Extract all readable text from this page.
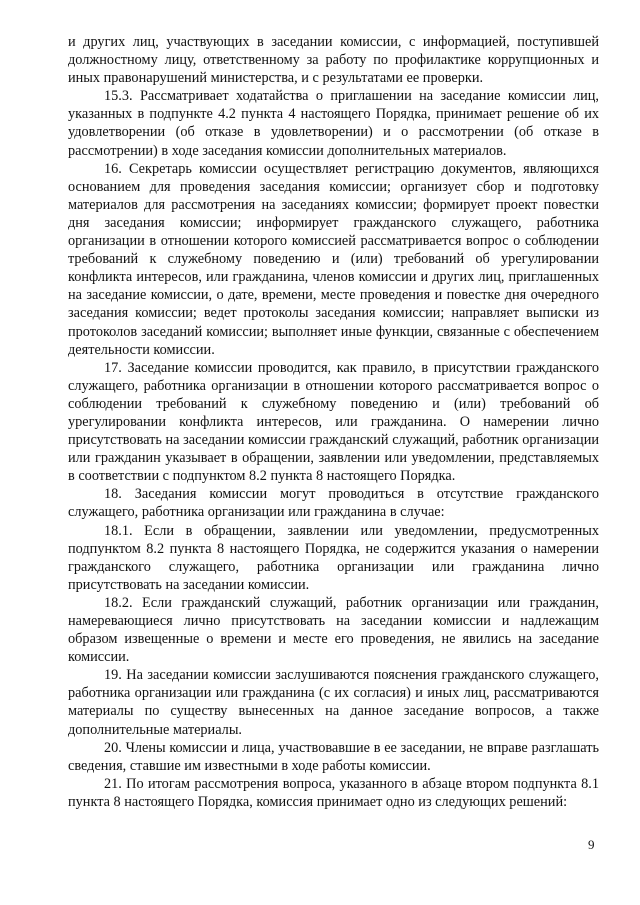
и других лиц, участвующих в заседании комиссии, с информацией, поступившей должностному лицу, ответственному за работу по профилактике коррупционных и иных правонарушений министерства, и с результатами ее проверки.

15.3. Рассматривает ходатайства о приглашении на заседание комиссии лиц, указанных в подпункте 4.2 пункта 4 настоящего Порядка, принимает решение об их удовлетворении (об отказе в удовлетворении) и о рассмотрении (об отказе в рассмотрении) в ходе заседания комиссии дополнительных материалов.

16. Секретарь комиссии осуществляет регистрацию документов, являющихся основанием для проведения заседания комиссии; организует сбор и подготовку материалов для рассмотрения на заседаниях комиссии; формирует проект повестки дня заседания комиссии; информирует гражданского служащего, работника организации в отношении которого комиссией рассматривается вопрос о соблюдении требований к служебному поведению и (или) требований об урегулировании конфликта интересов, или гражданина, членов комиссии и других лиц, приглашенных на заседание комиссии, о дате, времени, месте проведения и повестке дня очередного заседания комиссии; ведет протоколы заседания комиссии; направляет выписки из протоколов заседаний комиссии; выполняет иные функции, связанные с обеспечением деятельности комиссии.

17. Заседание комиссии проводится, как правило, в присутствии гражданского служащего, работника организации в отношении которого рассматривается вопрос о соблюдении требований к служебному поведению и (или) требований об урегулировании конфликта интересов, или гражданина. О намерении лично присутствовать на заседании комиссии гражданский служащий, работник организации или гражданин указывает в обращении, заявлении или уведомлении, представляемых в соответствии с подпунктом 8.2 пункта 8 настоящего Порядка.

18. Заседания комиссии могут проводиться в отсутствие гражданского служащего, работника организации или гражданина в случае:

18.1. Если в обращении, заявлении или уведомлении, предусмотренных подпунктом 8.2 пункта 8 настоящего Порядка, не содержится указания о намерении гражданского служащего, работника организации или гражданина лично присутствовать на заседании комиссии.

18.2. Если гражданский служащий, работник организации или гражданин, намеревающиеся лично присутствовать на заседании комиссии и надлежащим образом извещенные о времени и месте его проведения, не явились на заседание комиссии.

19. На заседании комиссии заслушиваются пояснения гражданского служащего, работника организации или гражданина (с их согласия) и иных лиц, рассматриваются материалы по существу вынесенных на данное заседание вопросов, а также дополнительные материалы.

20. Члены комиссии и лица, участвовавшие в ее заседании, не вправе разглашать сведения, ставшие им известными в ходе работы комиссии.

21. По итогам рассмотрения вопроса, указанного в абзаце втором подпункта 8.1 пункта 8 настоящего Порядка, комиссия принимает одно из следующих решений:

9
